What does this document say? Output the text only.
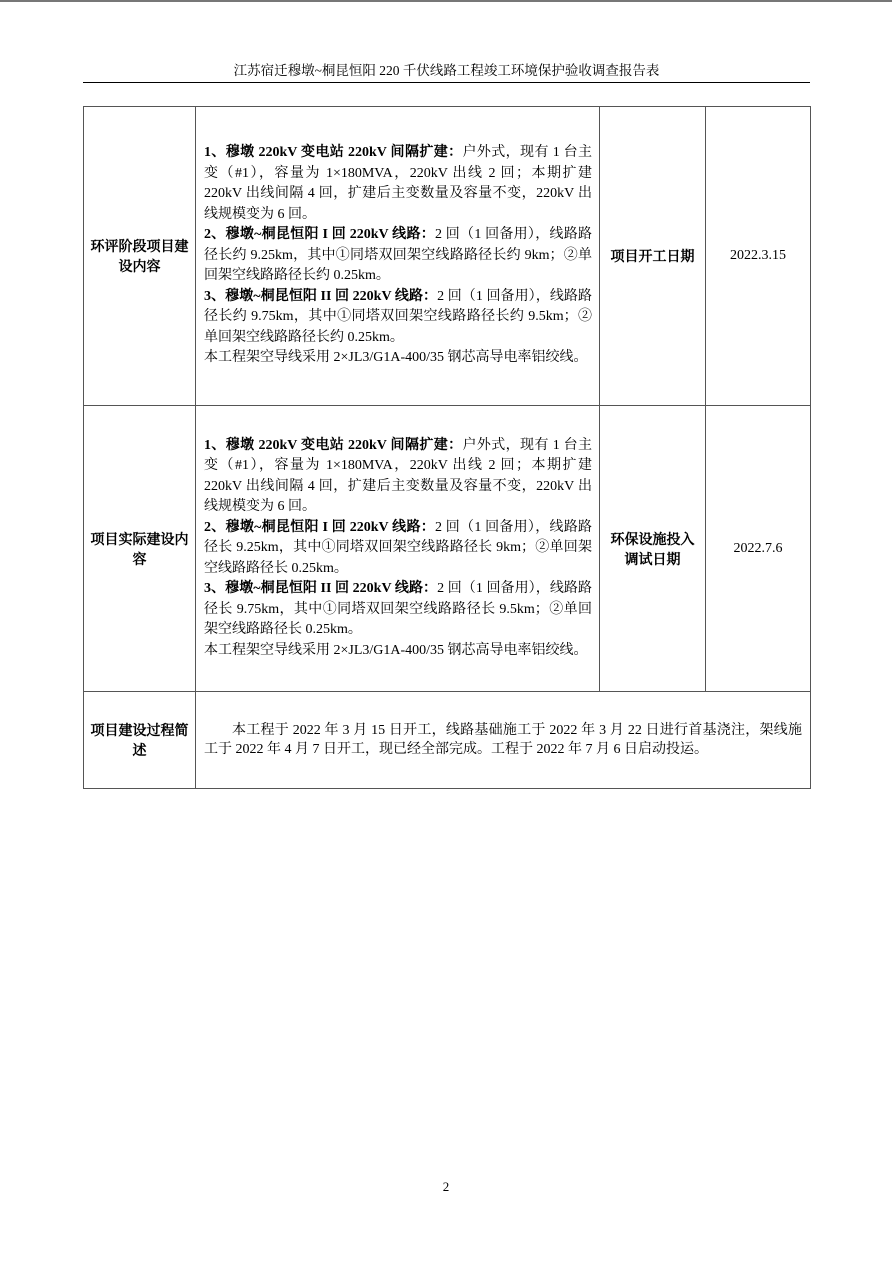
江苏宿迁穆墩~桐昆恒阳 220 千伏线路工程竣工环境保护验收调查报告表
环评阶段项目建设内容	1、穆墩 220kV 变电站 220kV 间隔扩建：户外式，现有 1 台主变（#1），容量为 1×180MVA，220kV 出线 2 回；本期扩建 220kV 出线间隔 4 回，扩建后主变数量及容量不变，220kV 出线规模变为 6 回。

2、穆墩~桐昆恒阳 I 回 220kV 线路：2 回（1 回备用），线路路径长约 9.25km，其中①同塔双回架空线路路径长约 9km；②单回架空线路路径长约 0.25km。

3、穆墩~桐昆恒阳 II 回 220kV 线路：2 回（1 回备用），线路路径长约 9.75km，其中①同塔双回架空线路路径长约 9.5km；②单回架空线路路径长约 0.25km。

本工程架空导线采用 2×JL3/G1A-400/35 钢芯高导电率铝绞线。	项目开工日期	2022.3.15
项目实际建设内容	1、穆墩 220kV 变电站 220kV 间隔扩建：户外式，现有 1 台主变（#1），容量为 1×180MVA，220kV 出线 2 回；本期扩建 220kV 出线间隔 4 回，扩建后主变数量及容量不变，220kV 出线规模变为 6 回。

2、穆墩~桐昆恒阳 I 回 220kV 线路：2 回（1 回备用），线路路径长 9.25km，其中①同塔双回架空线路路径长 9km；②单回架空线路路径长 0.25km。

3、穆墩~桐昆恒阳 II 回 220kV 线路：2 回（1 回备用），线路路径长 9.75km，其中①同塔双回架空线路路径长 9.5km；②单回架空线路路径长 0.25km。

本工程架空导线采用 2×JL3/G1A-400/35 钢芯高导电率铝绞线。	环保设施投入调试日期	2022.7.6
项目建设过程简述	本工程于 2022 年 3 月 15 日开工，线路基础施工于 2022 年 3 月 22 日进行首基浇注，架线施工于 2022 年 4 月 7 日开工，现已经全部完成。工程于 2022 年 7 月 6 日启动投运。		

2
